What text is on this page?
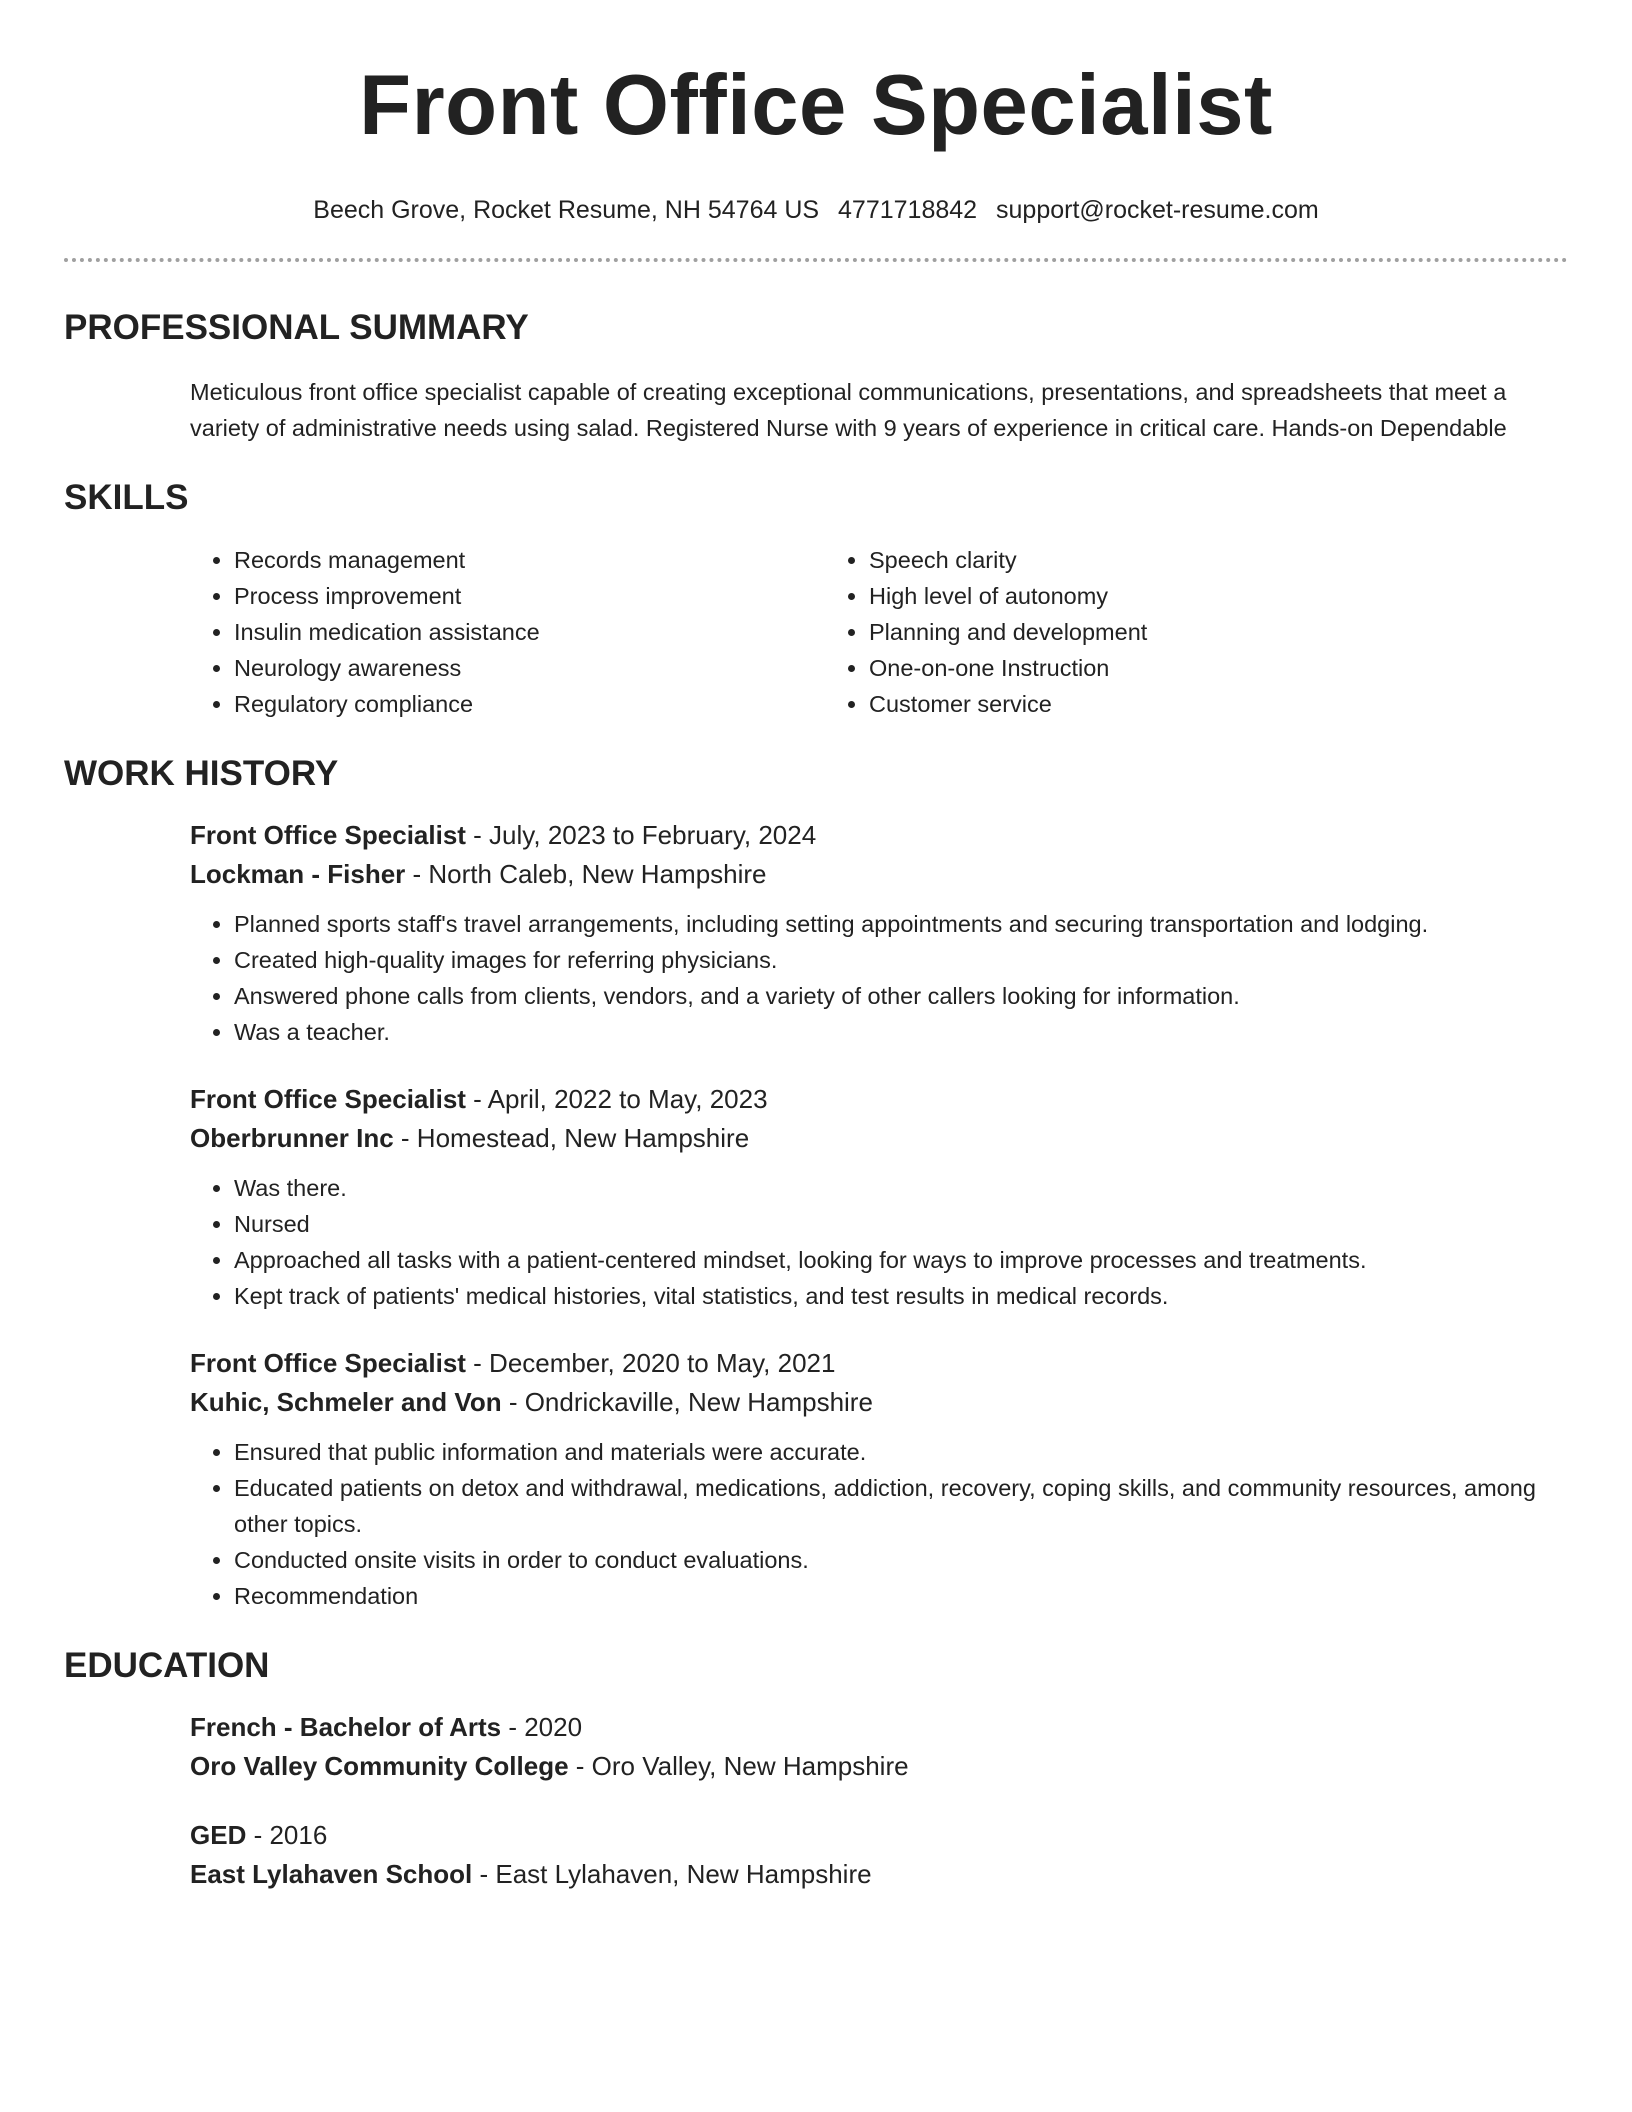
Front Office Specialist
Beech Grove, Rocket Resume, NH 54764 US 4771718842 support@rocket-resume.com
PROFESSIONAL SUMMARY

Meticulous front office specialist capable of creating exceptional communications, presentations, and spreadsheets that meet a variety of administrative needs using salad. Registered Nurse with 9 years of experience in critical care. Hands-on Dependable

SKILLS
• Records management
• Process improvement
• Insulin medication assistance
• Neurology awareness
• Regulatory compliance
• Speech clarity
• High level of autonomy
• Planning and development
• One-on-one Instruction
• Customer service
WORK HISTORY
Front Office Specialist - July, 2023 to February, 2024
Lockman - Fisher - North Caleb, New Hampshire
• Planned sports staff's travel arrangements, including setting appointments and securing transportation and lodging.
• Created high-quality images for referring physicians.
• Answered phone calls from clients, vendors, and a variety of other callers looking for information.
• Was a teacher.
Front Office Specialist - April, 2022 to May, 2023
Oberbrunner Inc - Homestead, New Hampshire
• Was there.
• Nursed
• Approached all tasks with a patient-centered mindset, looking for ways to improve processes and treatments.
• Kept track of patients' medical histories, vital statistics, and test results in medical records.
Front Office Specialist - December, 2020 to May, 2021
Kuhic, Schmeler and Von - Ondrickaville, New Hampshire
• Ensured that public information and materials were accurate.
• Educated patients on detox and withdrawal, medications, addiction, recovery, coping skills, and community resources, among other topics.
• Conducted onsite visits in order to conduct evaluations.
• Recommendation
EDUCATION
French - Bachelor of Arts - 2020
Oro Valley Community College - Oro Valley, New Hampshire
GED - 2016
East Lylahaven School - East Lylahaven, New Hampshire
